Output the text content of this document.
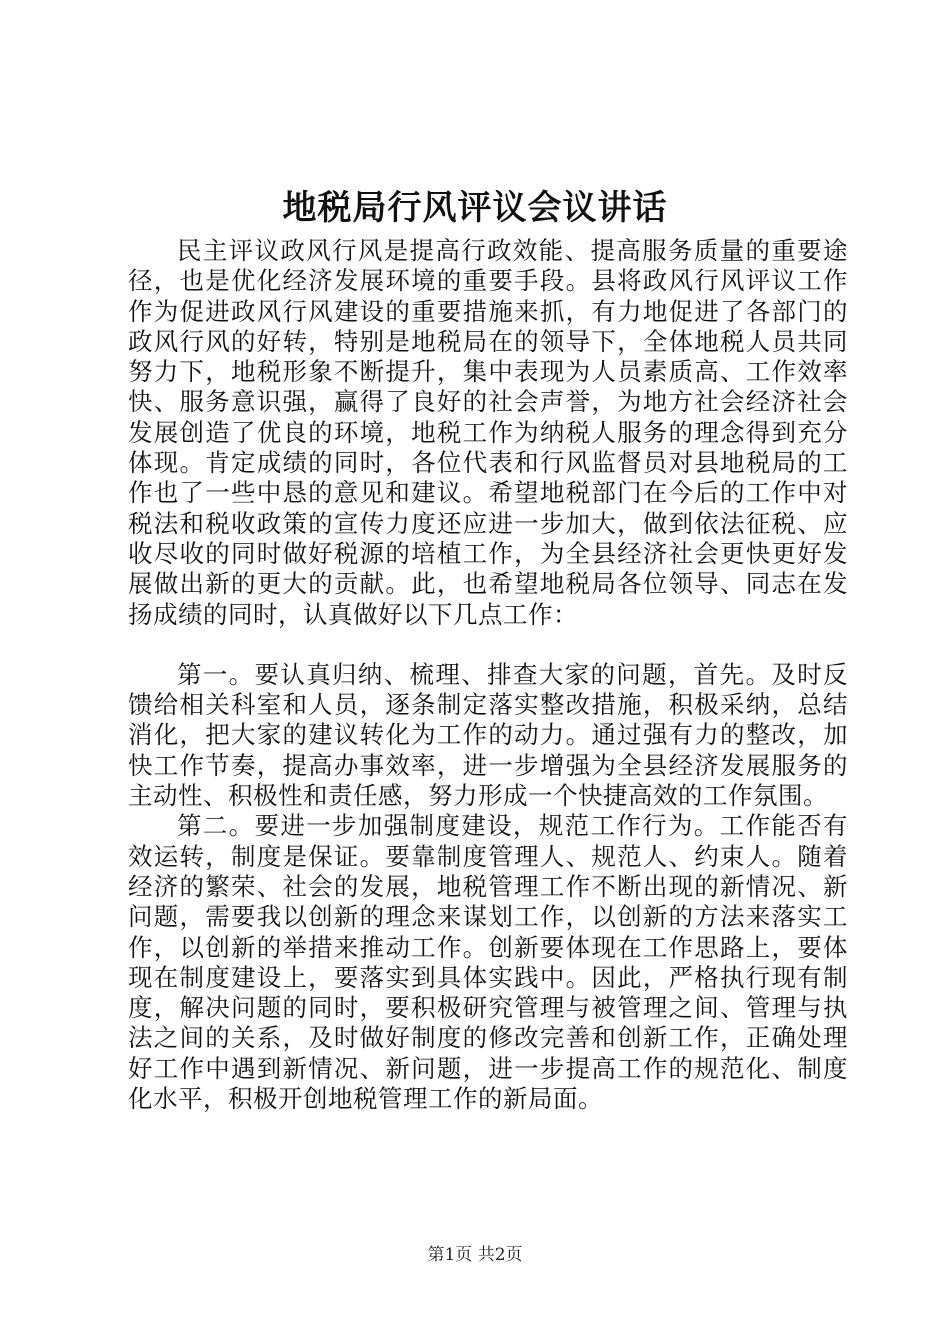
地税局行风评议会议讲话

民主评议政风行风是提高行政效能、提高服务质量的重要途径，也是优化经济发展环境的重要手段。县将政风行风评议工作作为促进政风行风建设的重要措施来抓，有力地促进了各部门的政风行风的好转，特别是地税局在的领导下，全体地税人员共同努力下，地税形象不断提升，集中表现为人员素质高、工作效率快、服务意识强，赢得了良好的社会声誉，为地方社会经济社会发展创造了优良的环境，地税工作为纳税人服务的理念得到充分体现。肯定成绩的同时，各位代表和行风监督员对县地税局的工作也了一些中恳的意见和建议。希望地税部门在今后的工作中对税法和税收政策的宣传力度还应进一步加大，做到依法征税、应收尽收的同时做好税源的培植工作，为全县经济社会更快更好发展做出新的更大的贡献。此，也希望地税局各位领导、同志在发扬成绩的同时，认真做好以下几点工作：

第一。要认真归纳、梳理、排查大家的问题，首先。及时反馈给相关科室和人员，逐条制定落实整改措施，积极采纳，总结消化，把大家的建议转化为工作的动力。通过强有力的整改，加快工作节奏，提高办事效率，进一步增强为全县经济发展服务的主动性、积极性和责任感，努力形成一个快捷高效的工作氛围。

第二。要进一步加强制度建设，规范工作行为。工作能否有效运转，制度是保证。要靠制度管理人、规范人、约束人。随着经济的繁荣、社会的发展，地税管理工作不断出现的新情况、新问题，需要我以创新的理念来谋划工作，以创新的方法来落实工作，以创新的举措来推动工作。创新要体现在工作思路上，要体现在制度建设上，要落实到具体实践中。因此，严格执行现有制度，解决问题的同时，要积极研究管理与被管理之间、管理与执法之间的关系，及时做好制度的修改完善和创新工作，正确处理好工作中遇到新情况、新问题，进一步提高工作的规范化、制度化水平，积极开创地税管理工作的新局面。

第1页 共2页
